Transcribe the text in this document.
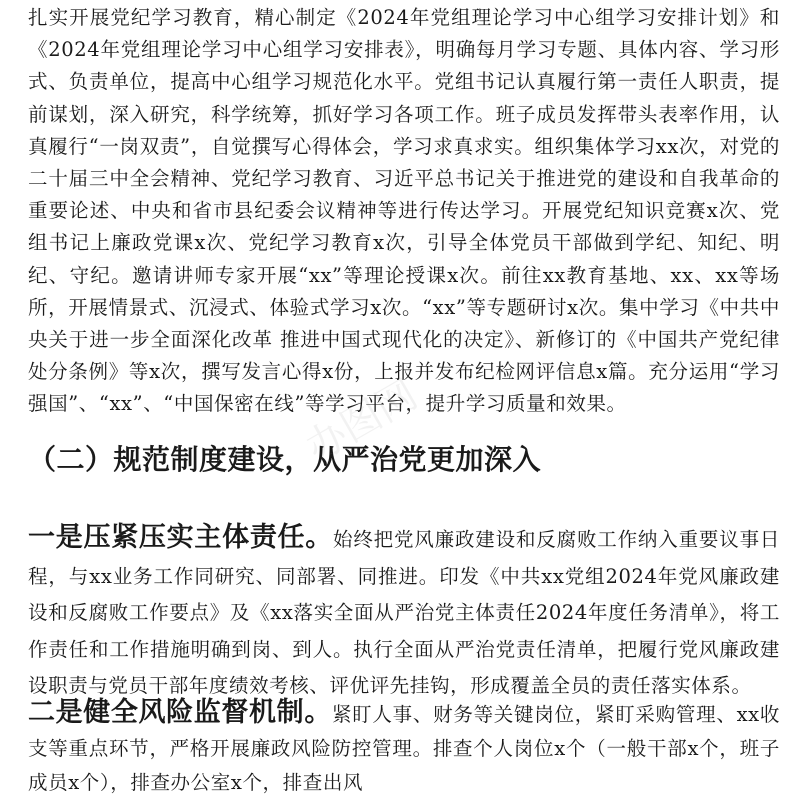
扎实开展党纪学习教育，精心制定《2024年党组理论学习中心组学习安排计划》和《2024年党组理论学习中心组学习安排表》，明确每月学习专题、具体内容、学习形式、负责单位，提高中心组学习规范化水平。党组书记认真履行第一责任人职责，提前谋划，深入研究，科学统筹，抓好学习各项工作。班子成员发挥带头表率作用，认真履行“一岗双责”，自觉撰写心得体会，学习求真求实。组织集体学习xx次，对党的二十届三中全会精神、党纪学习教育、习近平总书记关于推进党的建设和自我革命的重要论述、中央和省市县纪委会议精神等进行传达学习。开展党纪知识竞赛x次、党组书记上廉政党课x次、党纪学习教育x次，引导全体党员干部做到学纪、知纪、明纪、守纪。邀请讲师专家开展“xx”等理论授课x次。前往xx教育基地、xx、xx等场所，开展情景式、沉浸式、体验式学习x次。“xx”等专题研讨x次。集中学习《中共中央关于进一步全面深化改革 推进中国式现代化的决定》、新修订的《中国共产党纪律处分条例》等x次，撰写发言心得x份，上报并发布纪检网评信息x篇。充分运用“学习强国”、“xx”、“中国保密在线”等学习平台，提升学习质量和效果。

（二）规范制度建设，从严治党更加深入

一是压紧压实主体责任。始终把党风廉政建设和反腐败工作纳入重要议事日程，与xx业务工作同研究、同部署、同推进。印发《中共xx党组2024年党风廉政建设和反腐败工作要点》及《xx落实全面从严治党主体责任2024年度任务清单》，将工作责任和工作措施明确到岗、到人。执行全面从严治党责任清单，把履行党风廉政建设职责与党员干部年度绩效考核、评优评先挂钩，形成覆盖全员的责任落实体系。

二是健全风险监督机制。紧盯人事、财务等关键岗位，紧盯采购管理、xx收支等重点环节，严格开展廉政风险防控管理。排查个人岗位x个（一般干部x个，班子成员x个），排查办公室x个，排查出风

办图网
